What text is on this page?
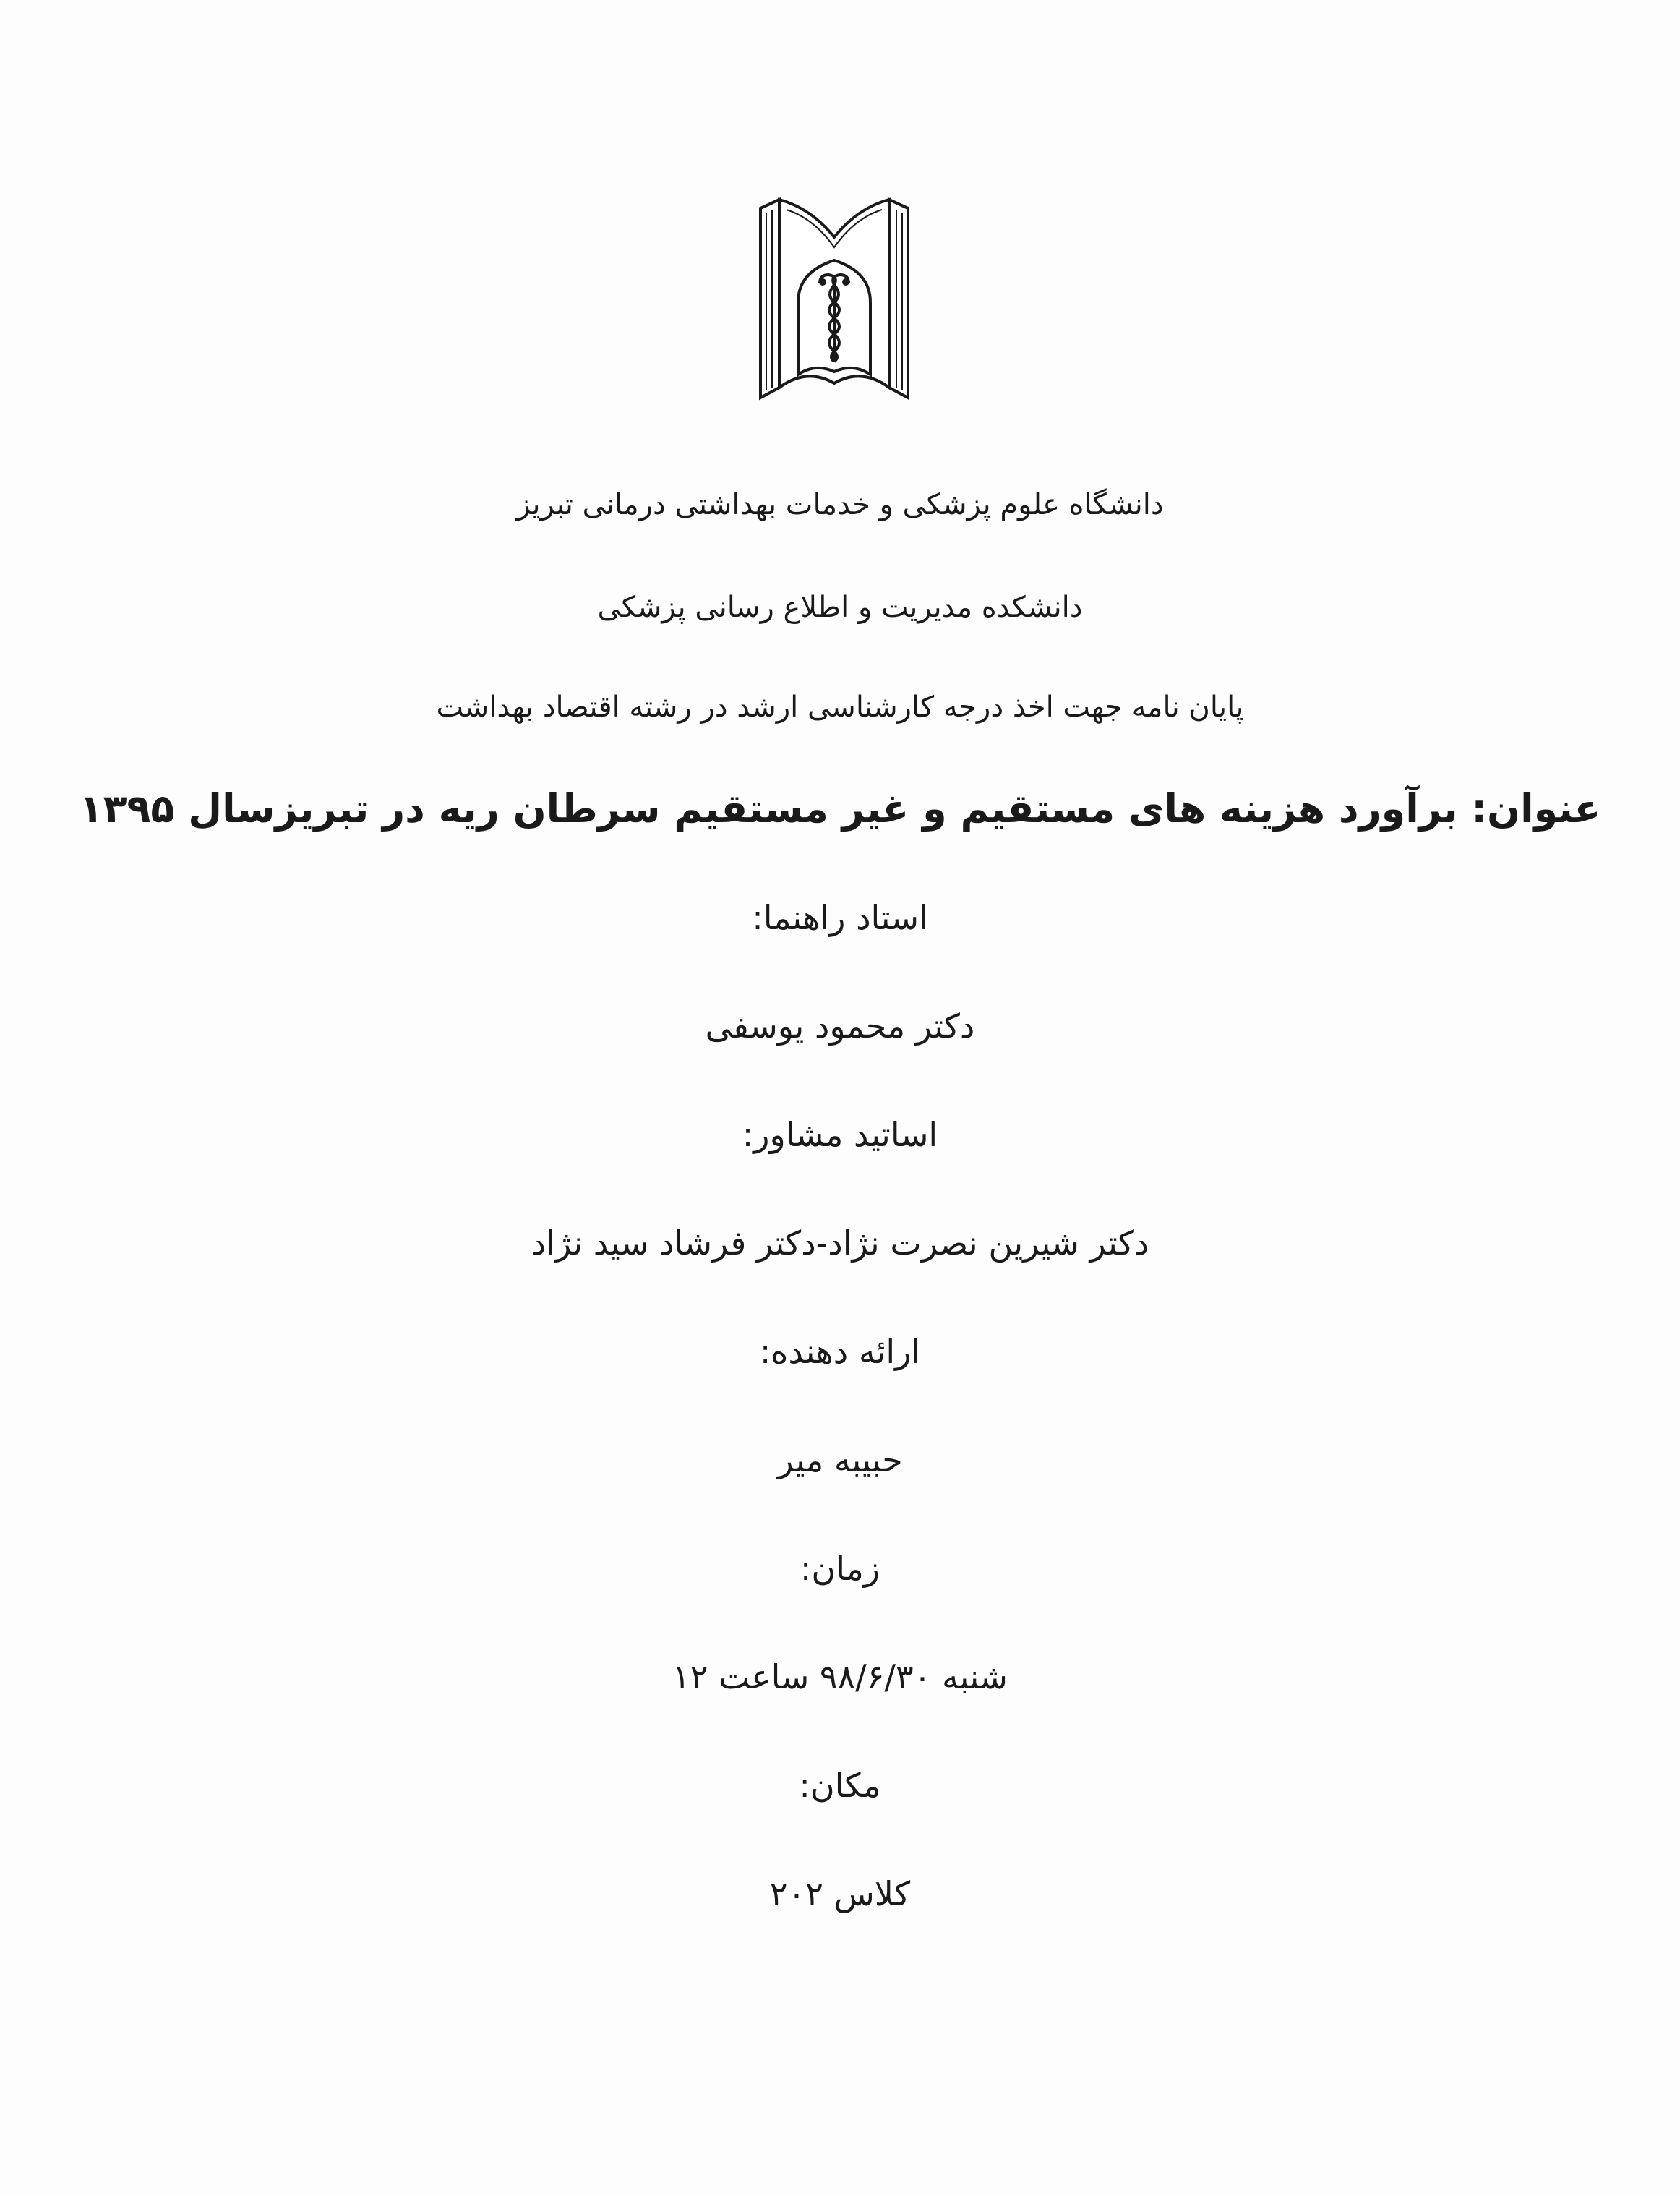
دانشگاه علوم پزشکی و خدمات بهداشتی درمانی تبریز
دانشکده مدیریت و اطلاع رسانی پزشکی
پایان نامه جهت اخذ درجه کارشناسی ارشد در رشته اقتصاد بهداشت
عنوان: برآورد هزینه های مستقیم و غیر مستقیم سرطان ریه در تبریزسال ۱۳۹۵
استاد راهنما:
دکتر محمود یوسفی
اساتید مشاور:
دکتر شیرین نصرت نژاد-دکتر فرشاد سید نژاد
ارائه دهنده:
حبیبه میر
زمان:
شنبه ۹۸/۶/۳۰ ساعت ۱۲
مکان:
کلاس ۲۰۲
